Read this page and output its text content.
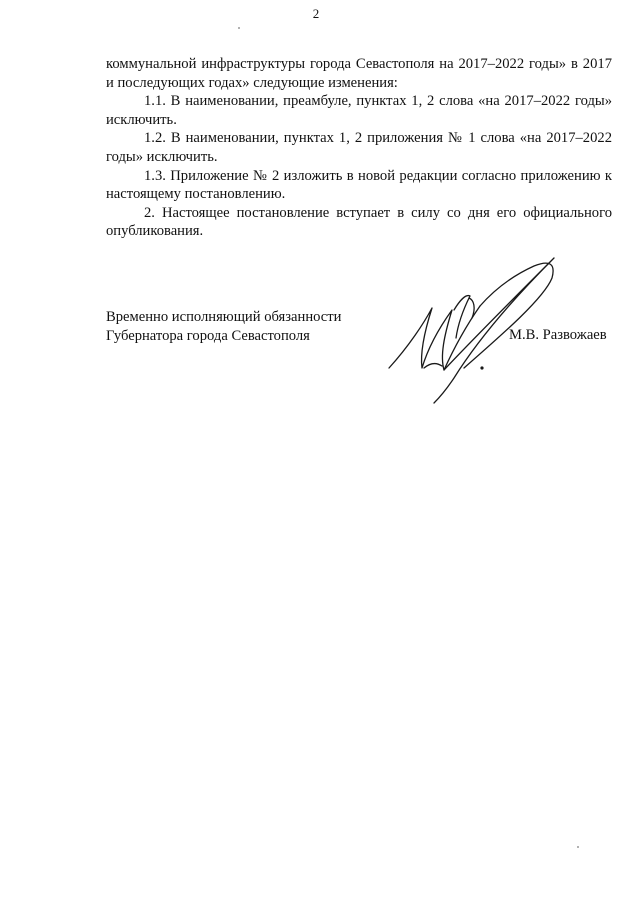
2

коммунальной инфраструктуры города Севастополя на 2017–2022 годы» в 2017 и последующих годах» следующие изменения:

1.1. В наименовании, преамбуле, пунктах 1, 2 слова «на 2017–2022 годы» исключить.

1.2. В наименовании, пунктах 1, 2 приложения № 1 слова «на 2017–2022 годы» исключить.

1.3. Приложение № 2 изложить в новой редакции согласно приложению к настоящему постановлению.

2. Настоящее постановление вступает в силу со дня его официального опубликования.

Временно исполняющий обязанности
Губернатора города Севастополя	М.В. Развожаев
